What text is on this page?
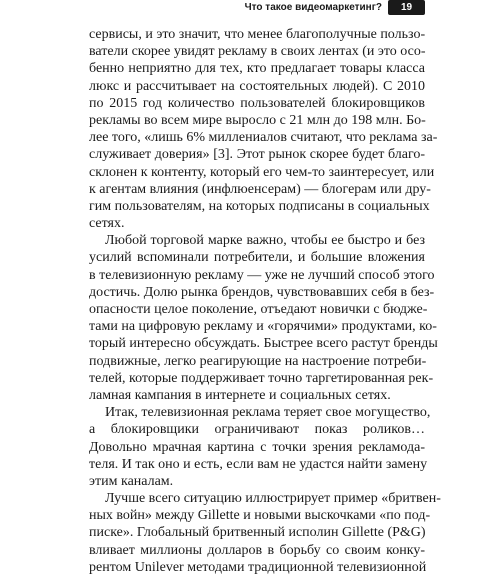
Что такое видеомаркетинг?	19
сервисы, и это значит, что менее благополучные пользо-
ватели скорее увидят рекламу в своих лентах (и это осо-
бенно неприятно для тех, кто предлагает товары класса
люкс и рассчитывает на состоятельных людей). С 2010
по 2015 год количество пользователей блокировщиков
рекламы во всем мире выросло с 21 млн до 198 млн. Бо-
лее того, «лишь 6% миллениалов считают, что реклама за-
служивает доверия» [3]. Этот рынок скорее будет благо-
склонен к контенту, который его чем-то заинтересует, или
к агентам влияния (инфлюенсерам) — блогерам или дру-
гим пользователям, на которых подписаны в социальных
сетях.
Любой торговой марке важно, чтобы ее быстро и без
усилий вспоминали потребители, и большие вложения
в телевизионную рекламу — уже не лучший способ этого
достичь. Долю рынка брендов, чувствовавших себя в без-
опасности целое поколение, отъедают новички с бюдже-
тами на цифровую рекламу и «горячими» продуктами, ко-
торый интересно обсуждать. Быстрее всего растут бренды
подвижные, легко реагирующие на настроение потреби-
телей, которые поддерживает точно таргетированная рек-
ламная кампания в интернете и социальных сетях.
Итак, телевизионная реклама теряет свое могущество,
а блокировщики ограничивают показ роликов…
Довольно мрачная картина с точки зрения рекламода-
теля. И так оно и есть, если вам не удастся найти замену
этим каналам.
Лучше всего ситуацию иллюстрирует пример «бритвен-
ных войн» между Gillette и новыми выскочками «по под-
писке». Глобальный бритвенный исполин Gillette (P&G)
вливает миллионы долларов в борьбу со своим конку-
рентом Unilever методами традиционной телевизионной
